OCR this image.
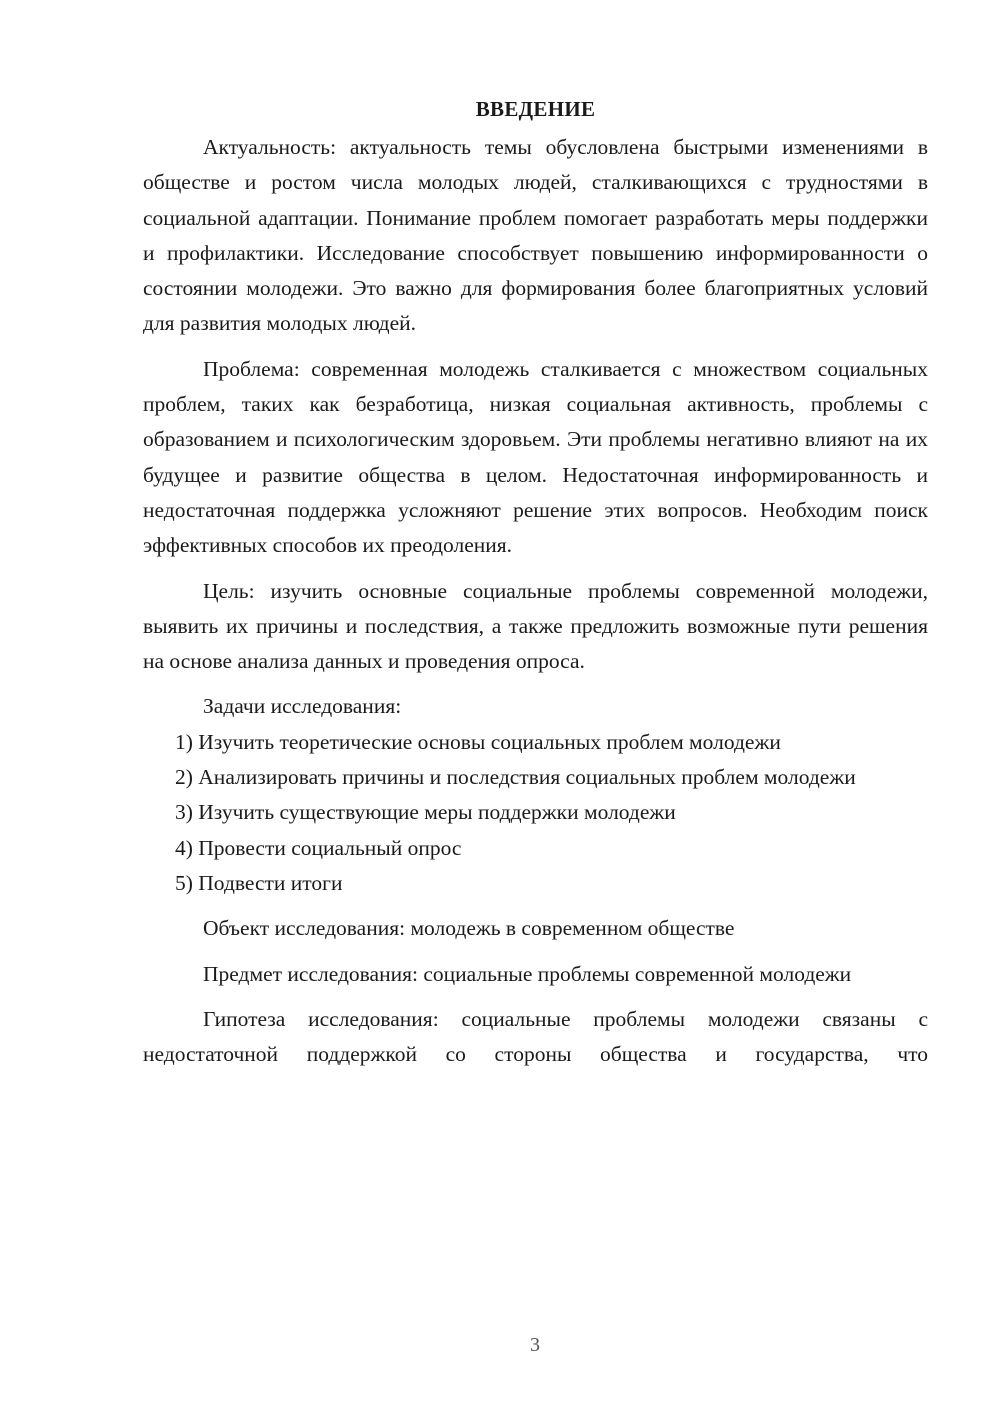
ВВЕДЕНИЕ

Актуальность: актуальность темы обусловлена быстрыми изменениями в обществе и ростом числа молодых людей, сталкивающихся с трудностями в социальной адаптации. Понимание проблем помогает разработать меры поддержки и профилактики. Исследование способствует повышению информированности о состоянии молодежи. Это важно для формирования более благоприятных условий для развития молодых людей.

Проблема: современная молодежь сталкивается с множеством социальных проблем, таких как безработица, низкая социальная активность, проблемы с образованием и психологическим здоровьем. Эти проблемы негативно влияют на их будущее и развитие общества в целом. Недостаточная информированность и недостаточная поддержка усложняют решение этих вопросов. Необходим поиск эффективных способов их преодоления.

Цель: изучить основные социальные проблемы современной молодежи, выявить их причины и последствия, а также предложить возможные пути решения на основе анализа данных и проведения опроса.

Задачи исследования:

1) Изучить теоретические основы социальных проблем молодежи

2) Анализировать причины и последствия социальных проблем молодежи

3) Изучить существующие меры поддержки молодежи

4) Провести социальный опрос

5) Подвести итоги

Объект исследования: молодежь в современном обществе

Предмет исследования: социальные проблемы современной молодежи

Гипотеза исследования: социальные проблемы молодежи связаны с недостаточной поддержкой со стороны общества и государства, что

3
